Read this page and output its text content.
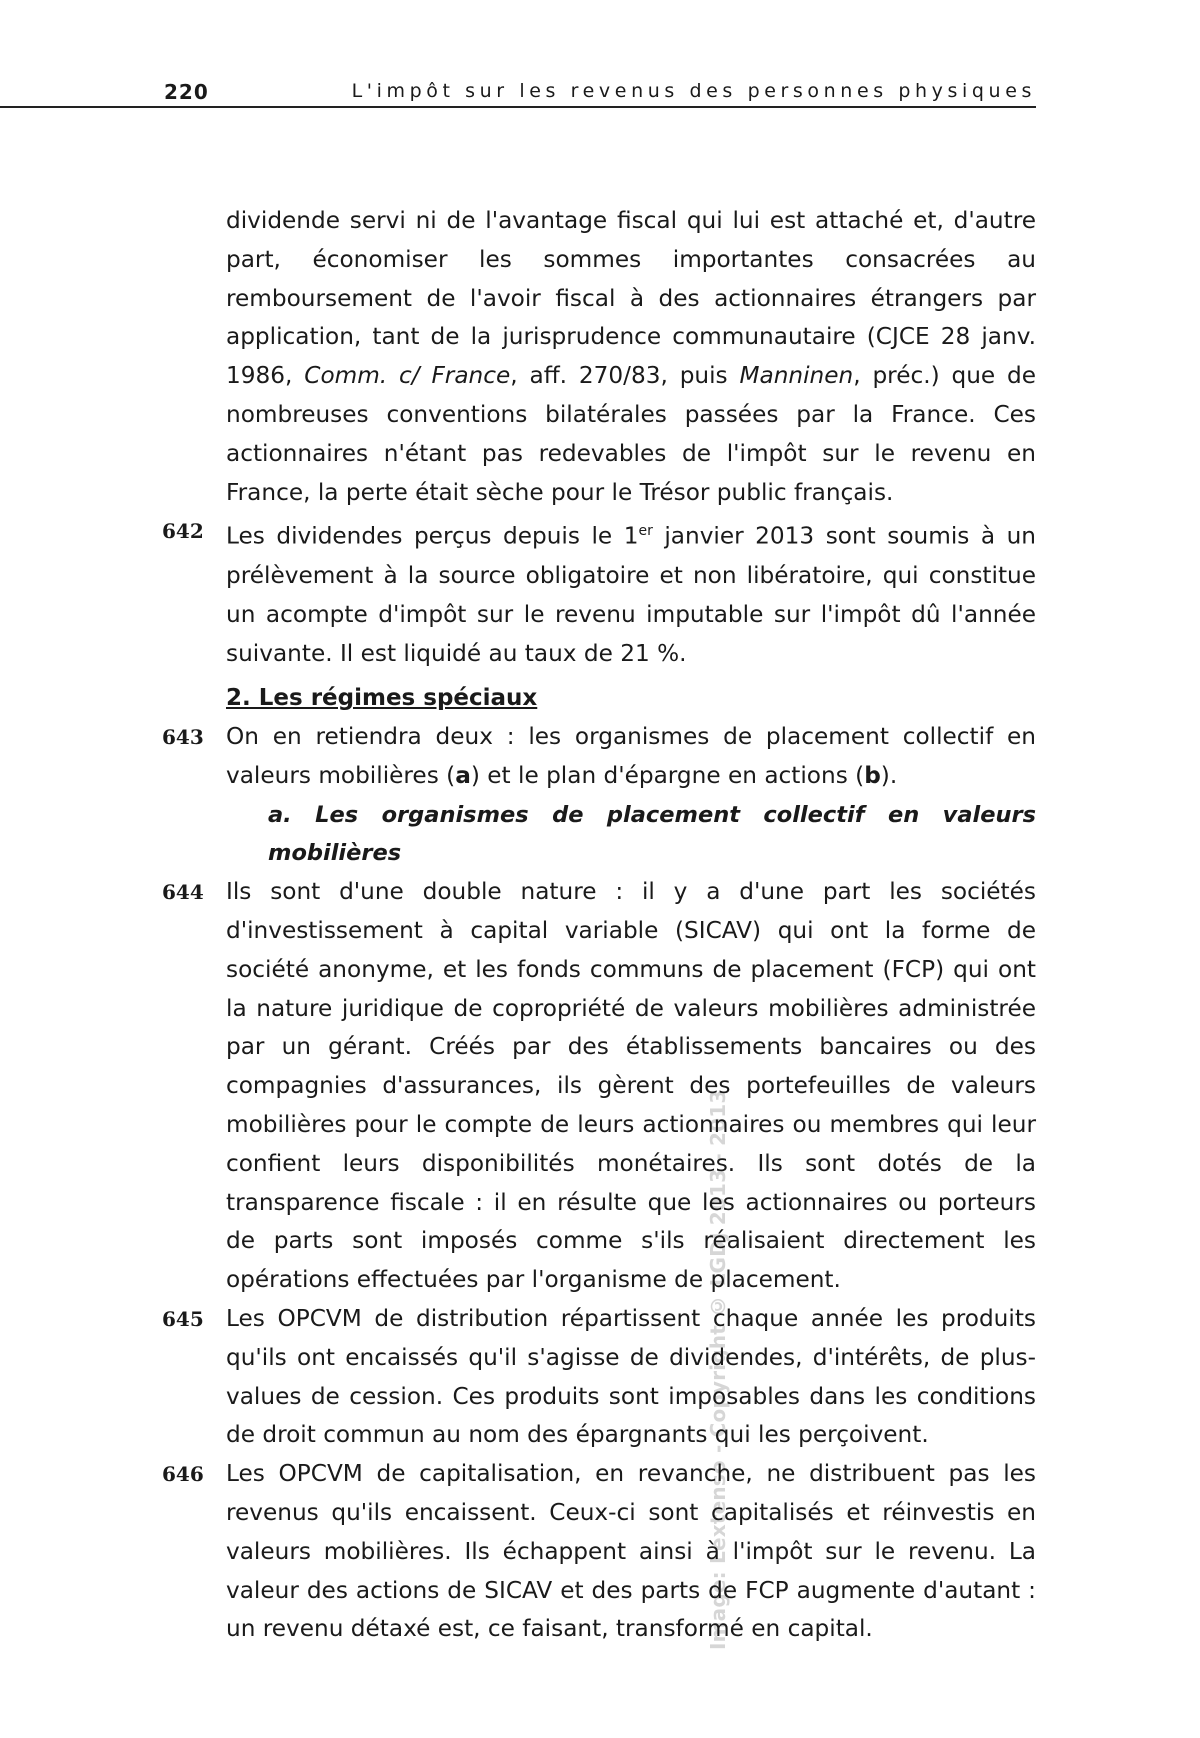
Image: Lextenso - Copyright © LGDJ 2013 - 2013
220	L'impôt sur les revenus des personnes physiques

dividende servi ni de l'avantage fiscal qui lui est attaché et, d'autre part, économiser les sommes importantes consacrées au remboursement de l'avoir fiscal à des actionnaires étrangers par application, tant de la jurisprudence communautaire (CJCE 28 janv. 1986, Comm. c/ France, aff. 270/83, puis Manninen, préc.) que de nombreuses conventions bilatérales passées par la France. Ces actionnaires n'étant pas redevables de l'impôt sur le revenu en France, la perte était sèche pour le Trésor public français.

642 Les dividendes perçus depuis le 1er janvier 2013 sont soumis à un prélèvement à la source obligatoire et non libératoire, qui constitue un acompte d'impôt sur le revenu imputable sur l'impôt dû l'année suivante. Il est liquidé au taux de 21 %.

2. Les régimes spéciaux

643 On en retiendra deux : les organismes de placement collectif en valeurs mobilières (a) et le plan d'épargne en actions (b).

a. Les organismes de placement collectif en valeurs mobilières

644 Ils sont d'une double nature : il y a d'une part les sociétés d'investissement à capital variable (SICAV) qui ont la forme de société anonyme, et les fonds communs de placement (FCP) qui ont la nature juridique de copropriété de valeurs mobilières administrée par un gérant. Créés par des établissements bancaires ou des compagnies d'assurances, ils gèrent des portefeuilles de valeurs mobilières pour le compte de leurs actionnaires ou membres qui leur confient leurs disponibilités monétaires. Ils sont dotés de la transparence fiscale : il en résulte que les actionnaires ou porteurs de parts sont imposés comme s'ils réalisaient directement les opérations effectuées par l'organisme de placement.

645 Les OPCVM de distribution répartissent chaque année les produits qu'ils ont encaissés qu'il s'agisse de dividendes, d'intérêts, de plus-values de cession. Ces produits sont imposables dans les conditions de droit commun au nom des épargnants qui les perçoivent.

646 Les OPCVM de capitalisation, en revanche, ne distribuent pas les revenus qu'ils encaissent. Ceux-ci sont capitalisés et réinvestis en valeurs mobilières. Ils échappent ainsi à l'impôt sur le revenu. La valeur des actions de SICAV et des parts de FCP augmente d'autant : un revenu détaxé est, ce faisant, transformé en capital.
